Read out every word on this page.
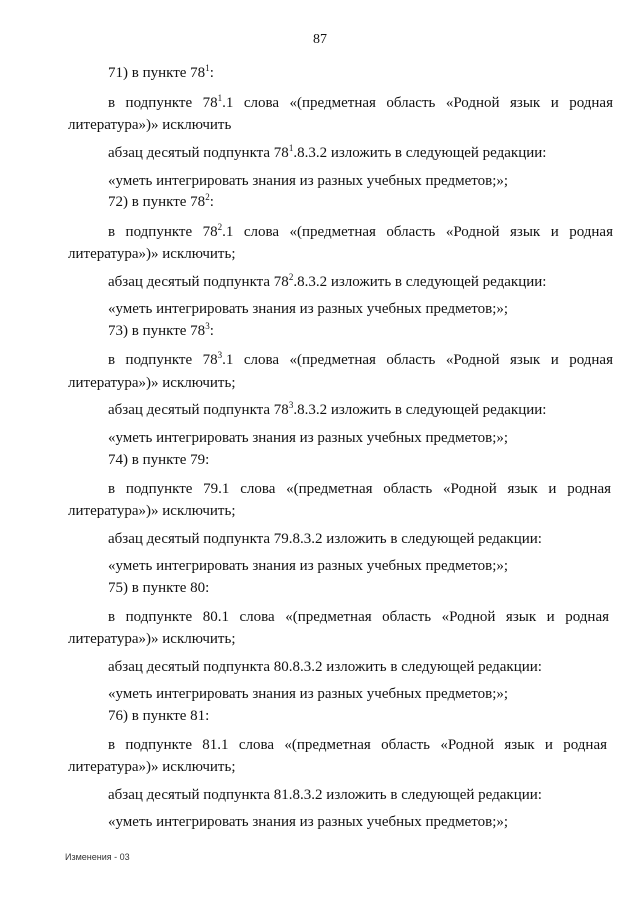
87
71) в пункте $78^1$:
в подпункте $78^1.1$ слова «(предметная область «Родной язык и родная
литература»)» исключить
абзац десятый подпункта $78^1.8.3.2$ изложить в следующей редакции:
«уметь интегрировать знания из разных учебных предметов;»;
72) в пункте $78^2$:
в подпункте $78^2.1$ слова «(предметная область «Родной язык и родная
литература»)» исключить;
абзац десятый подпункта $78^2.8.3.2$ изложить в следующей редакции:
«уметь интегрировать знания из разных учебных предметов;»;
73) в пункте $78^3$:
в подпункте $78^3.1$ слова «(предметная область «Родной язык и родная
литература»)» исключить;
абзац десятый подпункта $78^3.8.3.2$ изложить в следующей редакции:
«уметь интегрировать знания из разных учебных предметов;»;
74) в пункте 79:
в подпункте 79.1 слова «(предметная область «Родной язык и родная
литература»)» исключить;
абзац десятый подпункта 79.8.3.2 изложить в следующей редакции:
«уметь интегрировать знания из разных учебных предметов;»;
75) в пункте 80:
в подпункте 80.1 слова «(предметная область «Родной язык и родная
литература»)» исключить;
абзац десятый подпункта 80.8.3.2 изложить в следующей редакции:
«уметь интегрировать знания из разных учебных предметов;»;
76) в пункте 81:
в подпункте 81.1 слова «(предметная область «Родной язык и родная
литература»)» исключить;
абзац десятый подпункта 81.8.3.2 изложить в следующей редакции:
«уметь интегрировать знания из разных учебных предметов;»;
Изменения - 03
